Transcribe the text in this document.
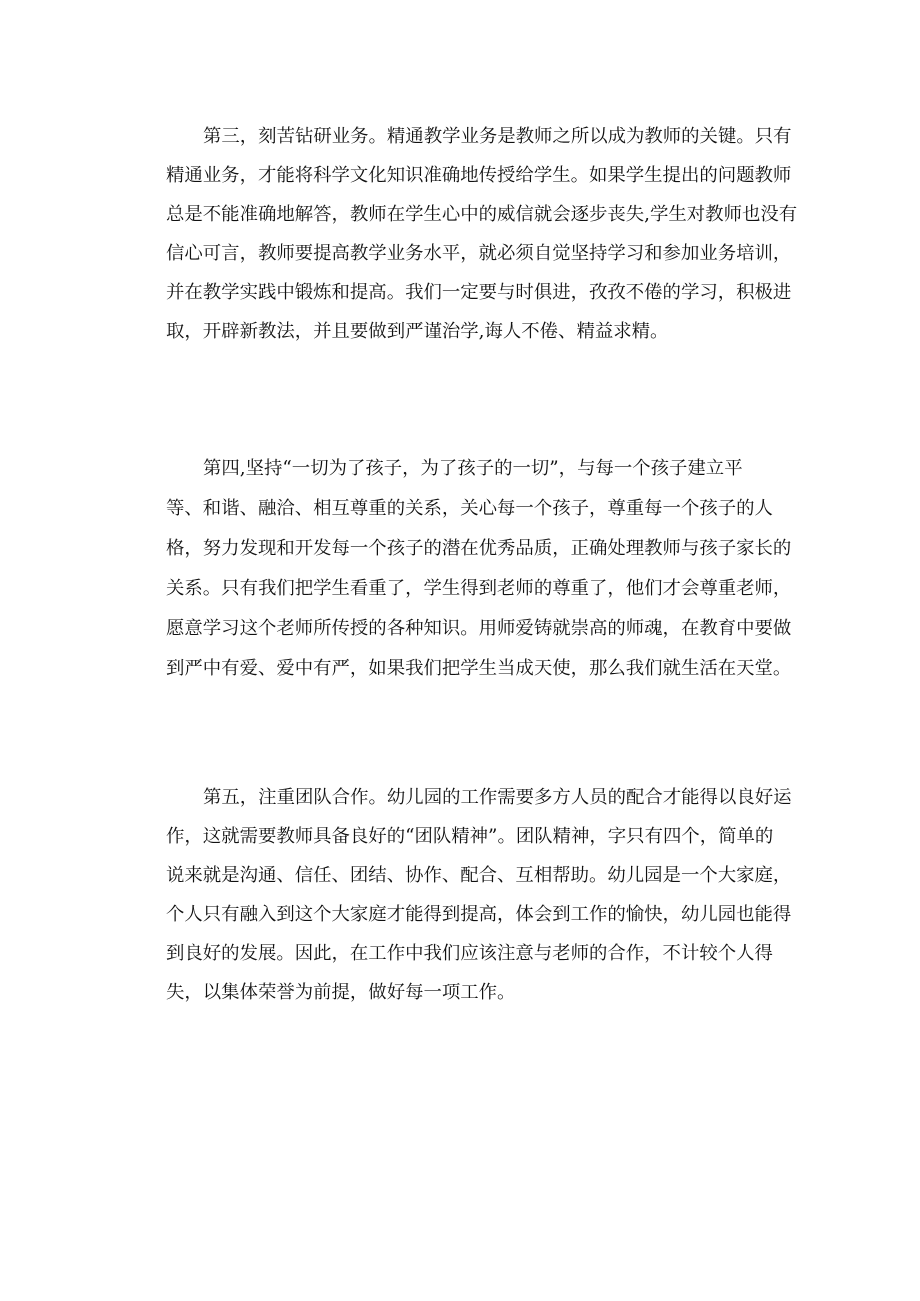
第三，刻苦钻研业务。精通教学业务是教师之所以成为教师的关键。只有
精通业务，才能将科学文化知识准确地传授给学生。如果学生提出的问题教师
总是不能准确地解答，教师在学生心中的威信就会逐步丧失,学生对教师也没有
信心可言，教师要提高教学业务水平，就必须自觉坚持学习和参加业务培训，
并在教学实践中锻炼和提高。我们一定要与时俱进，孜孜不倦的学习，积极进
取，开辟新教法，并且要做到严谨治学,诲人不倦、精益求精。
第四,坚持“一切为了孩子，为了孩子的一切”，与每一个孩子建立平
等、和谐、融洽、相互尊重的关系，关心每一个孩子，尊重每一个孩子的人
格，努力发现和开发每一个孩子的潜在优秀品质，正确处理教师与孩子家长的
关系。只有我们把学生看重了，学生得到老师的尊重了，他们才会尊重老师，
愿意学习这个老师所传授的各种知识。用师爱铸就崇高的师魂，在教育中要做
到严中有爱、爱中有严，如果我们把学生当成天使，那么我们就生活在天堂。
第五，注重团队合作。幼儿园的工作需要多方人员的配合才能得以良好运
作，这就需要教师具备良好的“团队精神”。团队精神，字只有四个，简单的
说来就是沟通、信任、团结、协作、配合、互相帮助。幼儿园是一个大家庭，
个人只有融入到这个大家庭才能得到提高，体会到工作的愉快，幼儿园也能得
到良好的发展。因此，在工作中我们应该注意与老师的合作，不计较个人得
失，以集体荣誉为前提，做好每一项工作。
